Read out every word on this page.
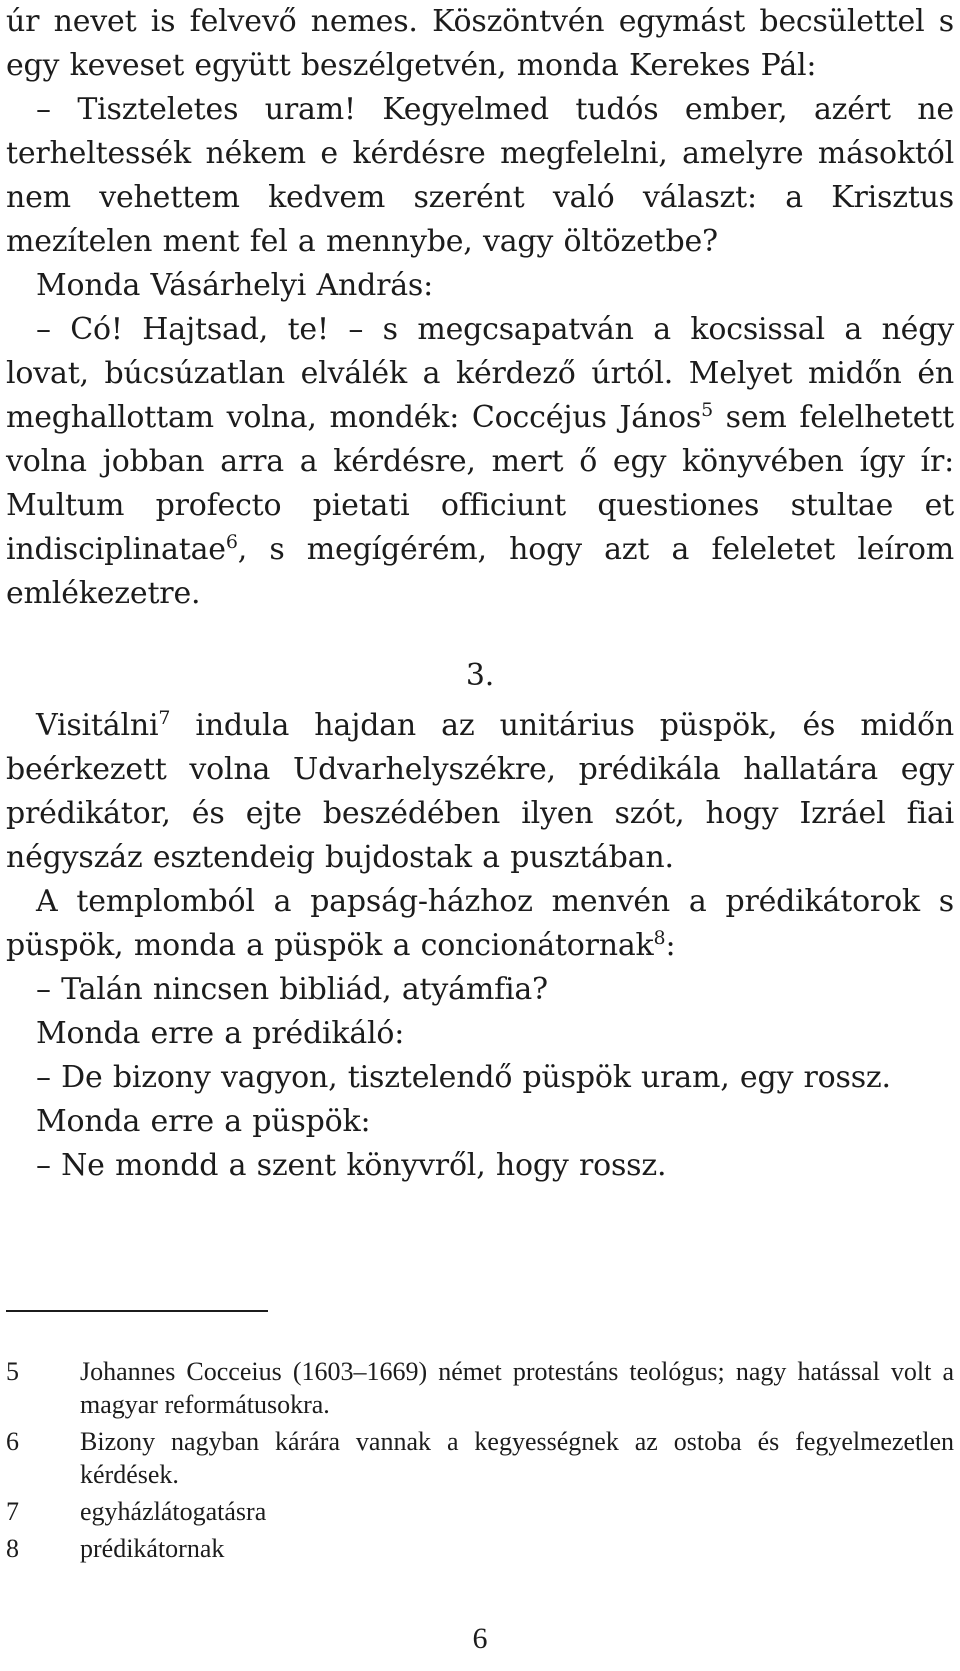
úr nevet is felvevő nemes. Köszöntvén egymást becsülettel s egy keveset együtt beszélgetvén, monda Kerekes Pál:

– Tiszteletes uram! Kegyelmed tudós ember, azért ne terheltessék nékem e kérdésre megfelelni, amelyre másoktól nem vehettem kedvem szerént való választ: a Krisztus mezítelen ment fel a mennybe, vagy öltözetbe?

Monda Vásárhelyi András:

– Có! Hajtsad, te! – s megcsapatván a kocsissal a négy lovat, búcsúzatlan elválék a kérdező úrtól. Melyet midőn én meghallottam volna, mondék: Coccéjus János$^5$ sem felelhetett volna jobban arra a kérdésre, mert ő egy könyvében így ír: Multum profecto pietati officiunt questiones stultae et indisciplinatae$^6$, s megígérém, hogy azt a feleletet leírom emlékezetre.

3.

Visitálni$^7$ indula hajdan az unitárius püspök, és midőn beérkezett volna Udvarhelyszékre, prédikála hallatára egy prédikátor, és ejte beszédében ilyen szót, hogy Izráel fiai négyszáz esztendeig bujdostak a pusztában.

A templomból a papság-házhoz menvén a prédikátorok s püspök, monda a püspök a concionátornak$^8$:

– Talán nincsen bibliád, atyámfia?

Monda erre a prédikáló:

– De bizony vagyon, tisztelendő püspök uram, egy rossz.

Monda erre a püspök:

– Ne mondd a szent könyvről, hogy rossz.

5	Johannes Cocceius (1603–1669) német protestáns teológus; nagy hatással volt a magyar reformátusokra.
6	Bizony nagyban kárára vannak a kegyességnek az ostoba és fegyelmezetlen kérdések.
7	egyházlátogatásra
8	prédikátornak
6
